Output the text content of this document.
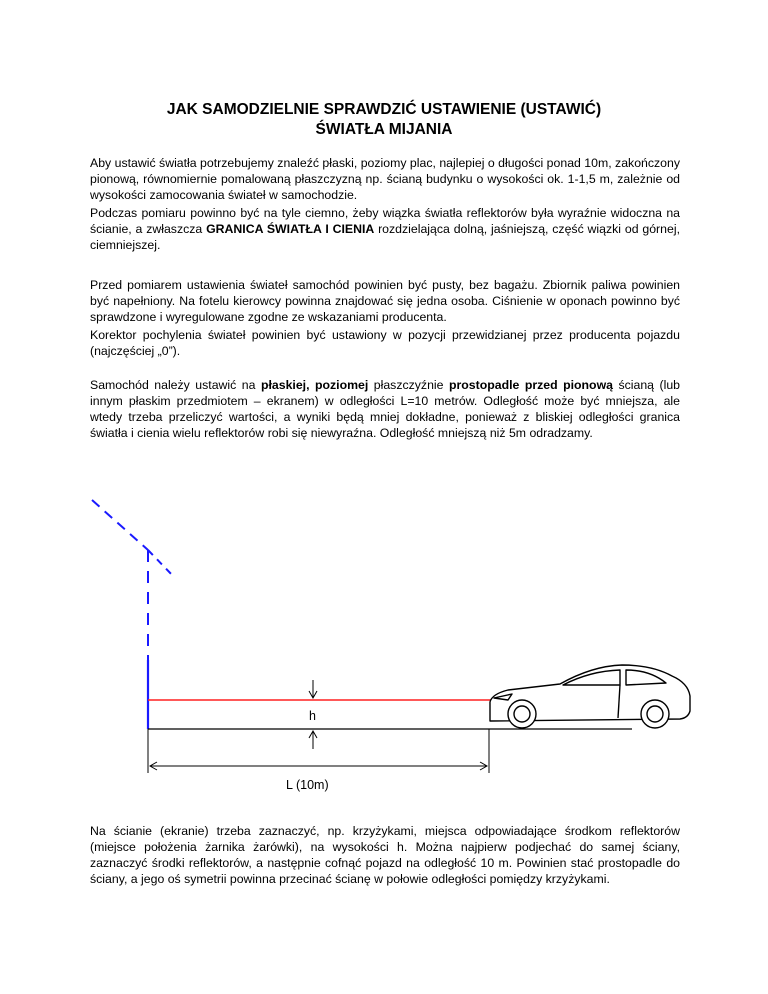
JAK SAMODZIELNIE SPRAWDZIĆ USTAWIENIE (USTAWIĆ)
ŚWIATŁA MIJANIA

Aby ustawić światła potrzebujemy znaleźć płaski, poziomy plac, najlepiej o długości ponad 10m, zakończony pionową, równomiernie pomalowaną płaszczyzną np. ścianą budynku o wysokości ok. 1-1,5 m, zależnie od wysokości zamocowania świateł w samochodzie.

Podczas pomiaru powinno być na tyle ciemno, żeby wiązka światła reflektorów była wyraźnie widoczna na ścianie, a zwłaszcza GRANICA ŚWIATŁA I CIENIA rozdzielająca dolną, jaśniejszą, część wiązki od górnej, ciemniejszej.

Przed pomiarem ustawienia świateł samochód powinien być pusty, bez bagażu. Zbiornik paliwa powinien być napełniony. Na fotelu kierowcy powinna znajdować się jedna osoba. Ciśnienie w oponach powinno być sprawdzone i wyregulowane zgodne ze wskazaniami producenta.

Korektor pochylenia świateł powinien być ustawiony w pozycji przewidzianej przez producenta pojazdu (najczęściej „0”).

Samochód należy ustawić na płaskiej, poziomej płaszczyźnie prostopadle przed pionową ścianą (lub innym płaskim przedmiotem – ekranem) w odległości L=10 metrów. Odległość może być mniejsza, ale wtedy trzeba przeliczyć wartości, a wyniki będą mniej dokładne, ponieważ z bliskiej odległości granica światła i cienia wielu reflektorów robi się niewyraźna. Odległość mniejszą niż 5m odradzamy.

h
L (10m)

Na ścianie (ekranie) trzeba zaznaczyć, np. krzyżykami, miejsca odpowiadające środkom reflektorów (miejsce położenia żarnika żarówki), na wysokości h. Można najpierw podjechać do samej ściany, zaznaczyć środki reflektorów, a następnie cofnąć pojazd na odległość 10 m. Powinien stać prostopadle do ściany, a jego oś symetrii powinna przecinać ścianę w połowie odległości pomiędzy krzyżykami.
